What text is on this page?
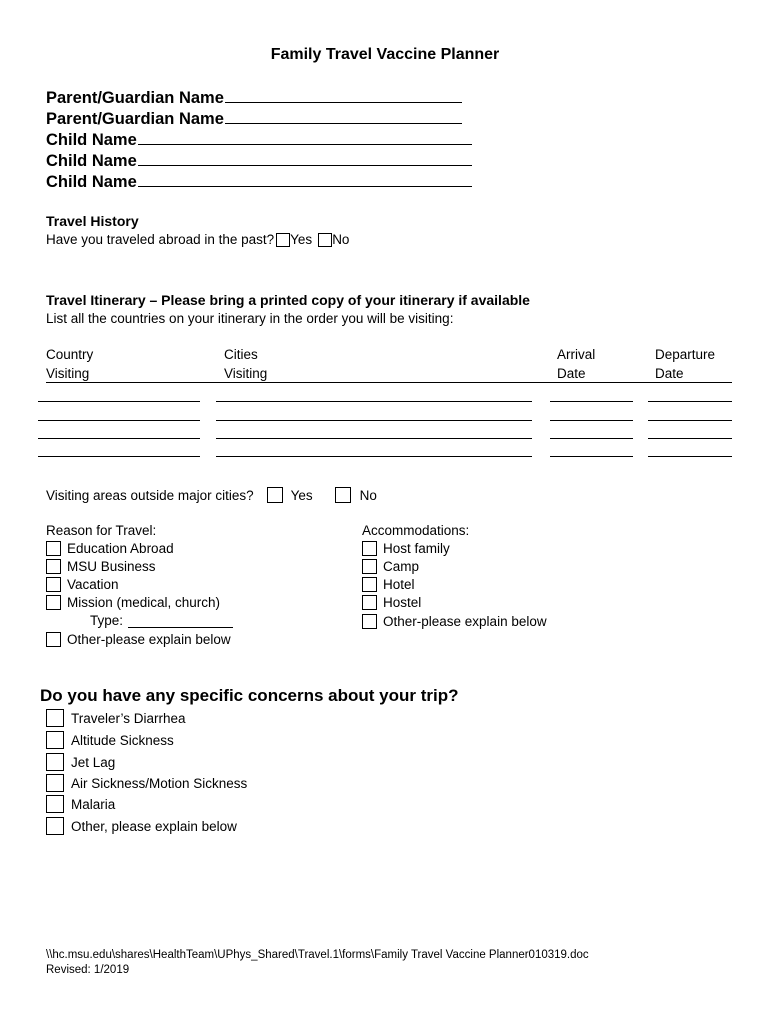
Family Travel Vaccine Planner
Parent/Guardian Name
Parent/Guardian Name
Child Name
Child Name
Child Name
Travel History
Have you traveled abroad in the past? Yes No
Travel Itinerary – Please bring a printed copy of your itinerary if available
List all the countries on your itinerary in the order you will be visiting:
Country
Visiting
Cities
Visiting
Arrival
Date
Departure
Date
Visiting areas outside major cities?	Yes	No
Reason for Travel:
Education Abroad
MSU Business
Vacation
Mission (medical, church)
Type:
Other-please explain below
Accommodations:
Host family
Camp
Hotel
Hostel
Other-please explain below
Do you have any specific concerns about your trip?
Traveler’s Diarrhea
Altitude Sickness
Jet Lag
Air Sickness/Motion Sickness
Malaria
Other, please explain below
\\hc.msu.edu\shares\HealthTeam\UPhys_Shared\Travel.1\forms\Family Travel Vaccine Planner010319.doc
Revised: 1/2019
